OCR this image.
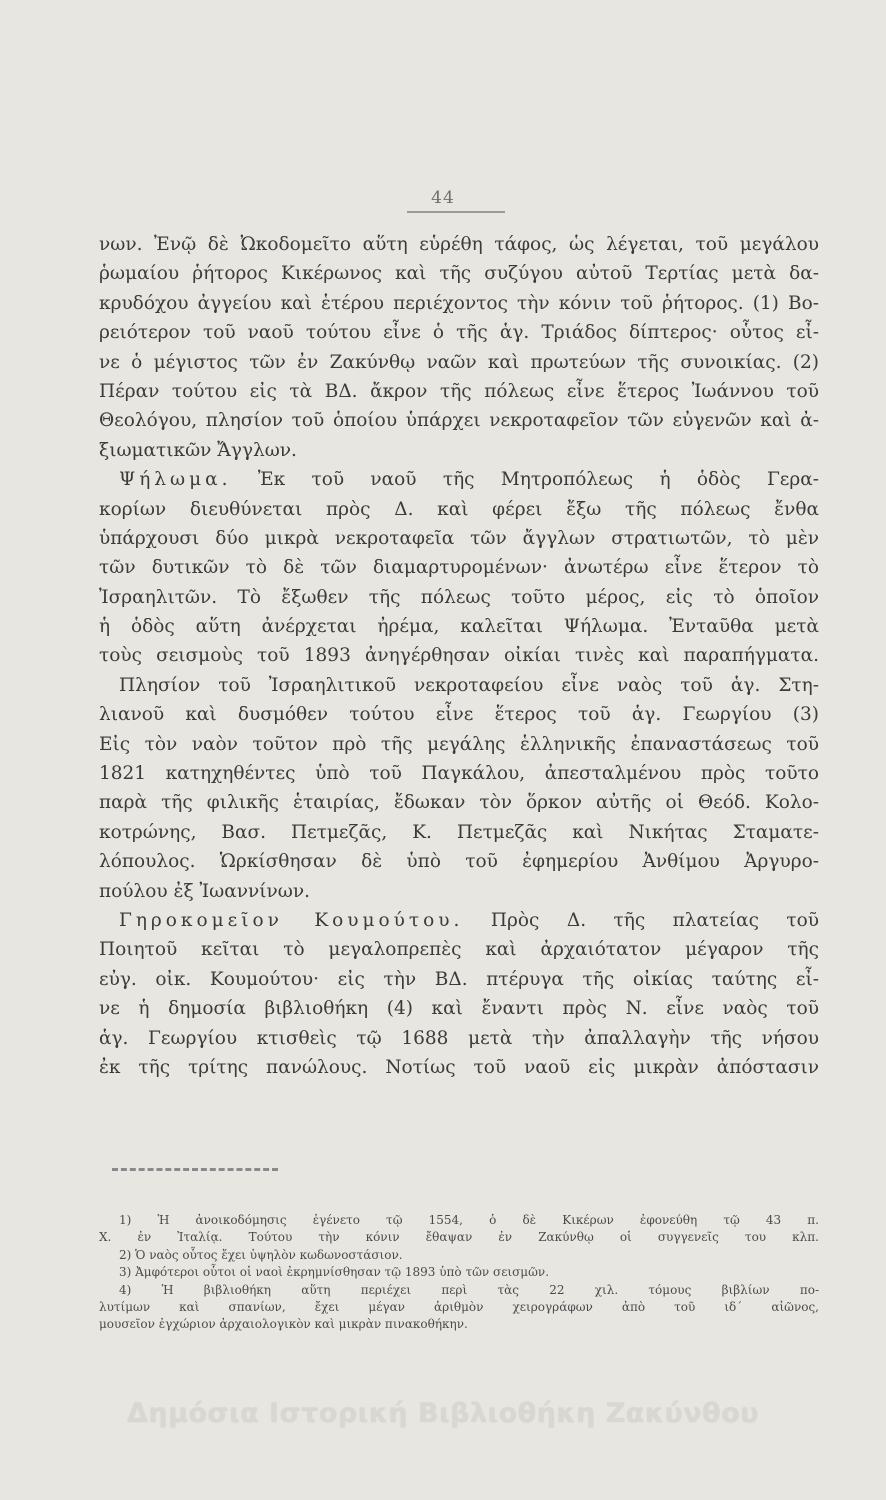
44
νων. Ἐνῷ δὲ Ὠκοδομεῖτο αὕτη εὑρέθη τάφος, ὡς λέγεται, τοῦ μεγάλου
ῥωμαίου ῥήτορος Κικέρωνος καὶ τῆς συζύγου αὐτοῦ Τερτίας μετὰ δα-
κρυδόχου ἀγγείου καὶ ἑτέρου περιέχοντος τὴν κόνιν τοῦ ῥήτορος. (1) Βο-
ρειότερον τοῦ ναοῦ τούτου εἶνε ὁ τῆς ἁγ. Τριάδος δίπτερος· οὗτος εἶ-
νε ὁ μέγιστος τῶν ἐν Ζακύνθῳ ναῶν καὶ πρωτεύων τῆς συνοικίας. (2)
Πέραν τούτου εἰς τὰ ΒΔ. ἄκρον τῆς πόλεως εἶνε ἕτερος Ἰωάννου τοῦ
Θεολόγου, πλησίον τοῦ ὁποίου ὑπάρχει νεκροταφεῖον τῶν εὐγενῶν καὶ ἀ-
ξιωματικῶν Ἄγγλων.
Ψήλωμα. Ἐκ τοῦ ναοῦ τῆς Μητροπόλεως ἡ ὁδὸς Γερα-
κορίων διευθύνεται πρὸς Δ. καὶ φέρει ἔξω τῆς πόλεως ἔνθα
ὑπάρχουσι δύο μικρὰ νεκροταφεῖα τῶν ἄγγλων στρατιωτῶν, τὸ μὲν
τῶν δυτικῶν τὸ δὲ τῶν διαμαρτυρομένων· ἀνωτέρω εἶνε ἕτερον τὸ
Ἰσραηλιτῶν. Τὸ ἔξωθεν τῆς πόλεως τοῦτο μέρος, εἰς τὸ ὁποῖον
ἡ ὁδὸς αὕτη ἀνέρχεται ἠρέμα, καλεῖται Ψήλωμα. Ἐνταῦθα μετὰ
τοὺς σεισμοὺς τοῦ 1893 ἀνηγέρθησαν οἰκίαι τινὲς καὶ παραπήγματα.
Πλησίον τοῦ Ἰσραηλιτικοῦ νεκροταφείου εἶνε ναὸς τοῦ ἁγ. Στη-
λιανοῦ καὶ δυσμόθεν τούτου εἶνε ἕτερος τοῦ ἁγ. Γεωργίου (3)
Εἰς τὸν ναὸν τοῦτον πρὸ τῆς μεγάλης ἑλληνικῆς ἐπαναστάσεως τοῦ
1821 κατηχηθέντες ὑπὸ τοῦ Παγκάλου, ἀπεσταλμένου πρὸς τοῦτο
παρὰ τῆς φιλικῆς ἑταιρίας, ἔδωκαν τὸν ὅρκον αὐτῆς οἱ Θεόδ. Κολο-
κοτρώνης, Βασ. Πετμεζᾶς, Κ. Πετμεζᾶς καὶ Νικήτας Σταματε-
λόπουλος. Ὡρκίσθησαν δὲ ὑπὸ τοῦ ἐφημερίου Ἀνθίμου Ἀργυρο-
πούλου ἐξ Ἰωαννίνων.
Γηροκομεῖον Κουμούτου. Πρὸς Δ. τῆς πλατείας τοῦ
Ποιητοῦ κεῖται τὸ μεγαλοπρεπὲς καὶ ἀρχαιότατον μέγαρον τῆς
εὐγ. οἰκ. Κουμούτου· εἰς τὴν ΒΔ. πτέρυγα τῆς οἰκίας ταύτης εἶ-
νε ἡ δημοσία βιβλιοθήκη (4) καὶ ἔναντι πρὸς Ν. εἶνε ναὸς τοῦ
ἁγ. Γεωργίου κτισθεὶς τῷ 1688 μετὰ τὴν ἀπαλλαγὴν τῆς νήσου
ἐκ τῆς τρίτης πανώλους. Νοτίως τοῦ ναοῦ εἰς μικρὰν ἀπόστασιν
1) Ἡ ἀνοικοδόμησις ἐγένετο τῷ 1554, ὁ δὲ Κικέρων ἐφονεύθη τῷ 43 π.
Χ. ἐν Ἰταλίᾳ. Τούτου τὴν κόνιν ἔθαψαν ἐν Ζακύνθῳ οἱ συγγενεῖς του κλπ.
2) Ὁ ναὸς οὗτος ἔχει ὑψηλὸν κωδωνοστάσιον.
3) Ἀμφότεροι οὗτοι οἱ ναοὶ ἐκρημνίσθησαν τῷ 1893 ὑπὸ τῶν σεισμῶν.
4) Ἡ βιβλιοθήκη αὕτη περιέχει περὶ τὰς 22 χιλ. τόμους βιβλίων πο-
λυτίμων καὶ σπανίων, ἔχει μέγαν ἀριθμὸν χειρογράφων ἀπὸ τοῦ ιδ΄ αἰῶνος,
μουσεῖον ἐγχώριον ἀρχαιολογικὸν καὶ μικρὰν πινακοθήκην.
Δημόσια Ιστορική Βιβλιοθήκη Ζακύνθου
